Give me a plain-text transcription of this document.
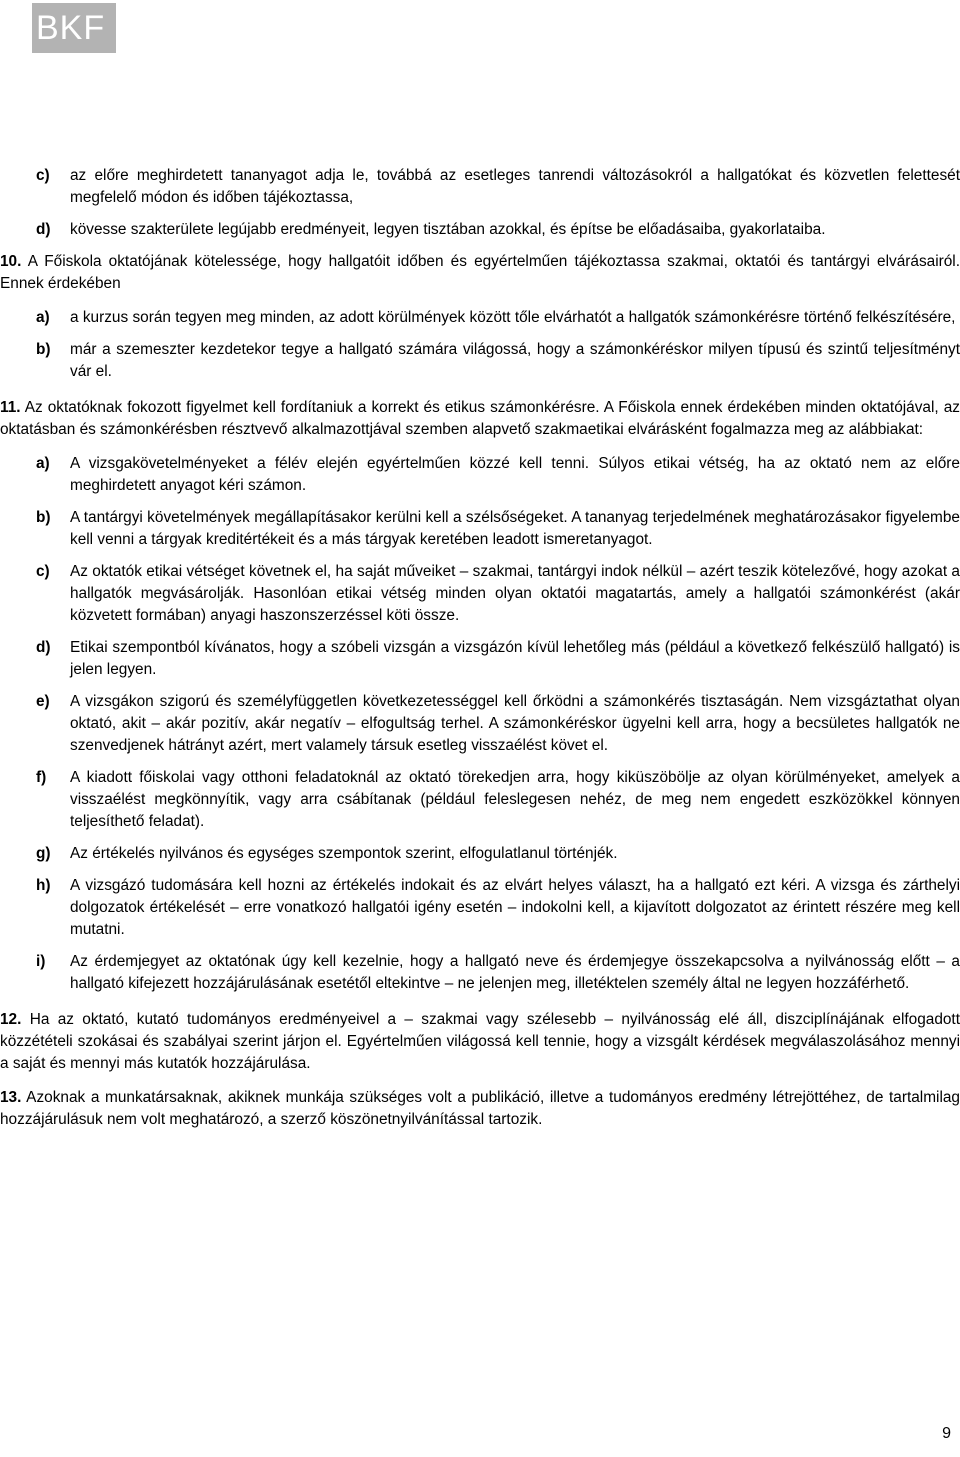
BKF
c) az előre meghirdetett tananyagot adja le, továbbá az esetleges tanrendi változásokról a hallgatókat és közvetlen felettesét megfelelő módon és időben tájékoztassa,
d) kövesse szakterülete legújabb eredményeit, legyen tisztában azokkal, és építse be előadásaiba, gyakorlataiba.

10. A Főiskola oktatójának kötelessége, hogy hallgatóit időben és egyértelműen tájékoztassa szakmai, oktatói és tantárgyi elvárásairól. Ennek érdekében

a) a kurzus során tegyen meg minden, az adott körülmények között tőle elvárhatót a hallgatók számonkérésre történő felkészítésére,
b) már a szemeszter kezdetekor tegye a hallgató számára világossá, hogy a számonkéréskor milyen típusú és szintű teljesítményt vár el.

11. Az oktatóknak fokozott figyelmet kell fordítaniuk a korrekt és etikus számonkérésre. A Főiskola ennek érdekében minden oktatójával, az oktatásban és számonkérésben résztvevő alkalmazottjával szemben alapvető szakmaetikai elvárásként fogalmazza meg az alábbiakat:

a) A vizsgakövetelményeket a félév elején egyértelműen közzé kell tenni. Súlyos etikai vétség, ha az oktató nem az előre meghirdetett anyagot kéri számon.
b) A tantárgyi követelmények megállapításakor kerülni kell a szélsőségeket. A tananyag terjedelmének meghatározásakor figyelembe kell venni a tárgyak kreditértékeit és a más tárgyak keretében leadott ismeretanyagot.
c) Az oktatók etikai vétséget követnek el, ha saját műveiket – szakmai, tantárgyi indok nélkül – azért teszik kötelezővé, hogy azokat a hallgatók megvásárolják. Hasonlóan etikai vétség minden olyan oktatói magatartás, amely a hallgatói számonkérést (akár közvetett formában) anyagi haszonszerzéssel köti össze.
d) Etikai szempontból kívánatos, hogy a szóbeli vizsgán a vizsgázón kívül lehetőleg más (például a következő felkészülő hallgató) is jelen legyen.
e) A vizsgákon szigorú és személyfüggetlen következetességgel kell őrködni a számonkérés tisztaságán. Nem vizsgáztathat olyan oktató, akit – akár pozitív, akár negatív – elfogultság terhel. A számonkéréskor ügyelni kell arra, hogy a becsületes hallgatók ne szenvedjenek hátrányt azért, mert valamely társuk esetleg visszaélést követ el.
f) A kiadott főiskolai vagy otthoni feladatoknál az oktató törekedjen arra, hogy kiküszöbölje az olyan körülményeket, amelyek a visszaélést megkönnyítik, vagy arra csábítanak (például feleslegesen nehéz, de meg nem engedett eszközökkel könnyen teljesíthető feladat).
g) Az értékelés nyilvános és egységes szempontok szerint, elfogulatlanul történjék.
h) A vizsgázó tudomására kell hozni az értékelés indokait és az elvárt helyes választ, ha a hallgató ezt kéri. A vizsga és zárthelyi dolgozatok értékelését – erre vonatkozó hallgatói igény esetén – indokolni kell, a kijavított dolgozatot az érintett részére meg kell mutatni.
i) Az érdemjegyet az oktatónak úgy kell kezelnie, hogy a hallgató neve és érdemjegye összekapcsolva a nyilvánosság előtt – a hallgató kifejezett hozzájárulásának esetétől eltekintve – ne jelenjen meg, illetéktelen személy által ne legyen hozzáférhető.

12. Ha az oktató, kutató tudományos eredményeivel a – szakmai vagy szélesebb – nyilvánosság elé áll, diszciplínájának elfogadott közzétételi szokásai és szabályai szerint járjon el. Egyértelműen világossá kell tennie, hogy a vizsgált kérdések megválaszolásához mennyi a saját és mennyi más kutatók hozzájárulása.

13. Azoknak a munkatársaknak, akiknek munkája szükséges volt a publikáció, illetve a tudományos eredmény létrejöttéhez, de tartalmilag hozzájárulásuk nem volt meghatározó, a szerző köszönetnyilvánítással tartozik.

9
